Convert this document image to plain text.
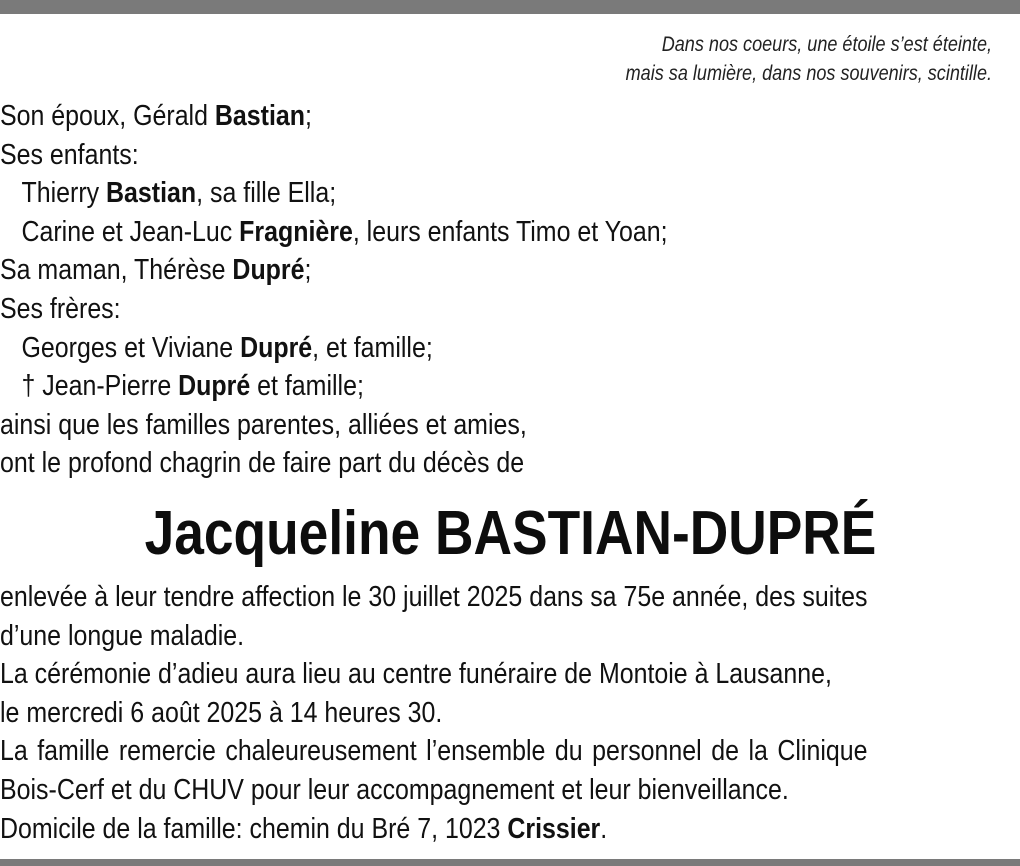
Dans nos coeurs, une étoile s’est éteinte,
mais sa lumière, dans nos souvenirs, scintille.
Son époux, Gérald Bastian;
Ses enfants:
Thierry Bastian, sa fille Ella;
Carine et Jean-Luc Fragnière, leurs enfants Timo et Yoan;
Sa maman, Thérèse Dupré;
Ses frères:
Georges et Viviane Dupré, et famille;
† Jean-Pierre Dupré et famille;
ainsi que les familles parentes, alliées et amies,
ont le profond chagrin de faire part du décès de
Jacqueline BASTIAN-DUPRÉ
enlevée à leur tendre affection le 30 juillet 2025 dans sa 75e année, des suites
d’une longue maladie.
La cérémonie d’adieu aura lieu au centre funéraire de Montoie à Lausanne,
le mercredi 6 août 2025 à 14 heures 30.
La famille remercie chaleureusement l’ensemble du personnel de la Clinique
Bois-Cerf et du CHUV pour leur accompagnement et leur bienveillance.
Domicile de la famille: chemin du Bré 7, 1023 Crissier.
